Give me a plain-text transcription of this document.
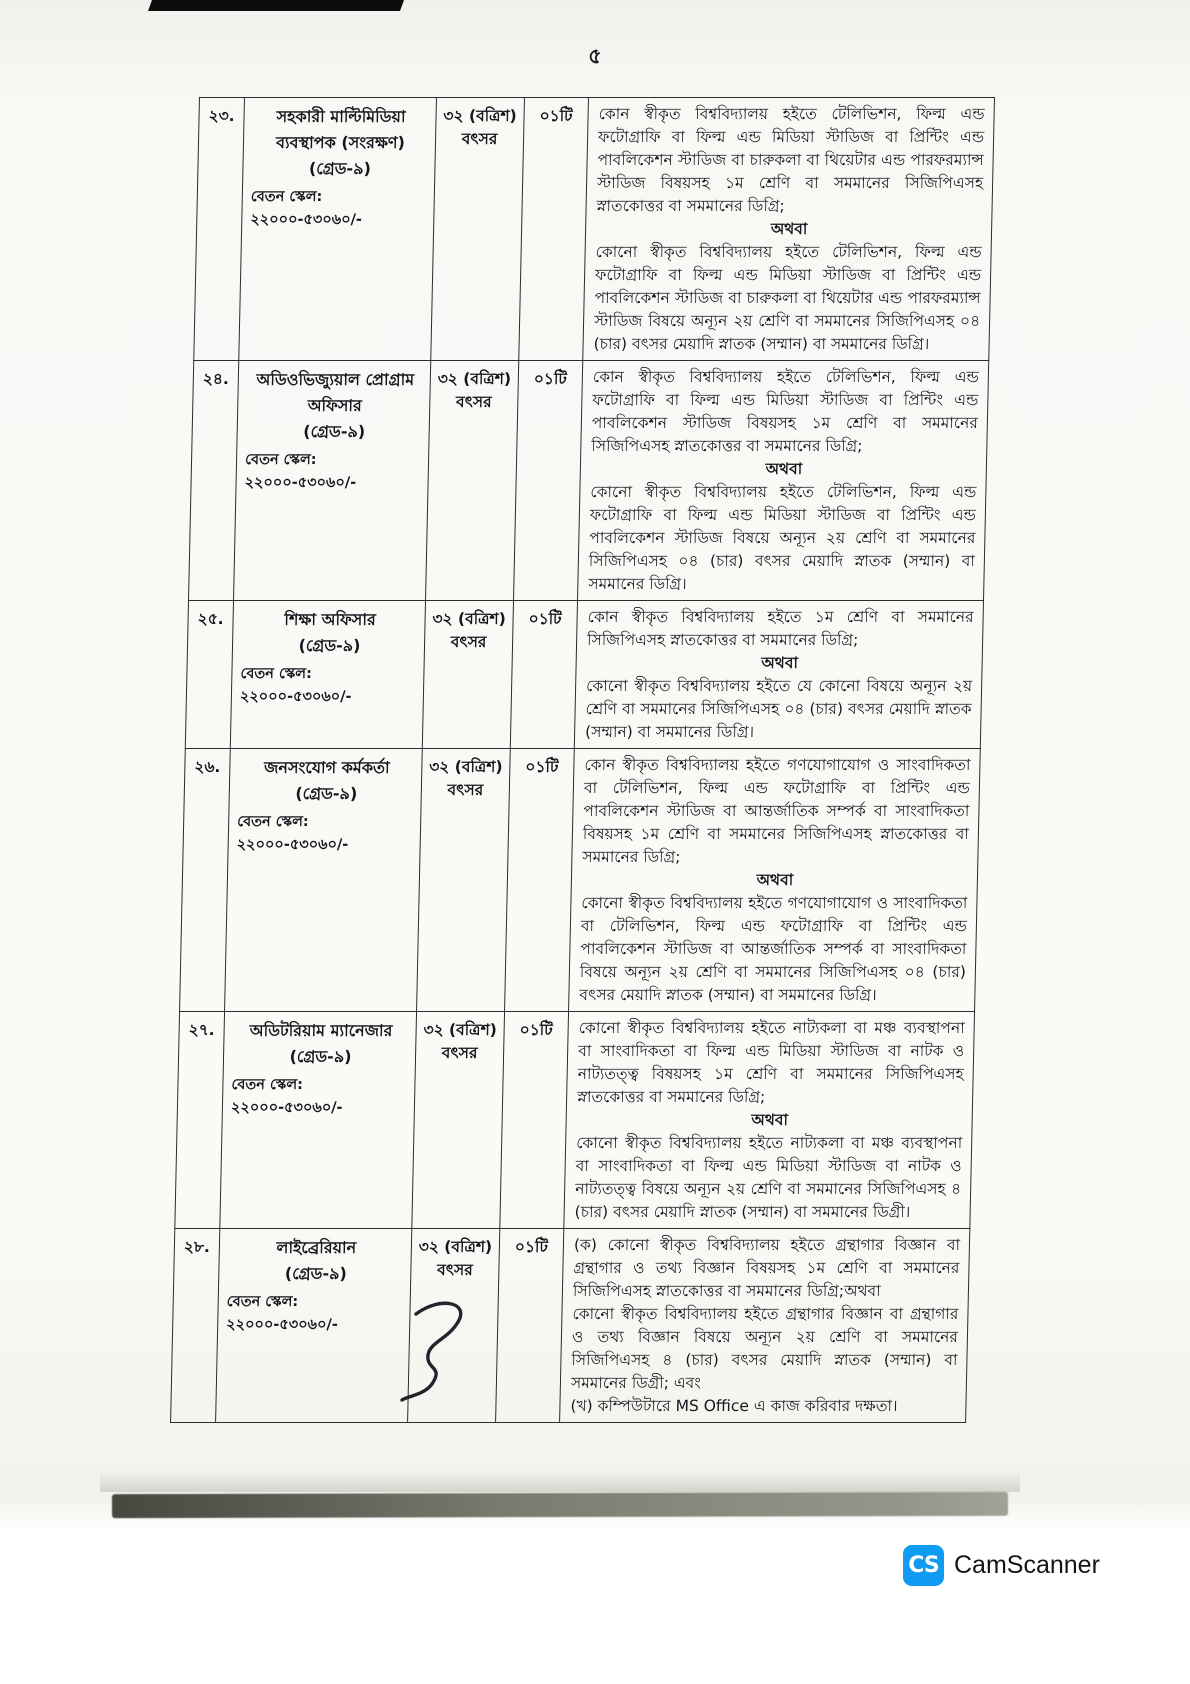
৫
২৩.	সহকারী মাল্টিমিডিয়া
ব্যবস্থাপক (সংরক্ষণ)
(গ্রেড-৯)
বেতন স্কেল: ২২০০০-৫৩০৬০/-
	৩২ (বত্রিশ)
বৎসর	০১টি	কোন স্বীকৃত বিশ্ববিদ্যালয় হইতে টেলিভিশন, ফিল্ম এন্ড ফটোগ্রাফি বা ফিল্ম এন্ড মিডিয়া স্টাডিজ বা প্রিন্টিং এন্ড পাবলিকেশন স্টাডিজ বা চারুকলা বা থিয়েটার এন্ড পারফরম্যান্স স্টাডিজ বিষয়সহ ১ম শ্রেণি বা সমমানের সিজিপিএসহ স্নাতকোত্তর বা সমমানের ডিগ্রি;
অথবা
কোনো স্বীকৃত বিশ্ববিদ্যালয় হইতে টেলিভিশন, ফিল্ম এন্ড ফটোগ্রাফি বা ফিল্ম এন্ড মিডিয়া স্টাডিজ বা প্রিন্টিং এন্ড পাবলিকেশন স্টাডিজ বা চারুকলা বা থিয়েটার এন্ড পারফরম্যান্স স্টাডিজ বিষয়ে অন্যূন ২য় শ্রেণি বা সমমানের সিজিপিএসহ ০৪ (চার) বৎসর মেয়াদি স্নাতক (সম্মান) বা সমমানের ডিগ্রি।

২৪.	অডিওভিজ্যুয়াল প্রোগ্রাম
অফিসার
(গ্রেড-৯)
বেতন স্কেল: ২২০০০-৫৩০৬০/-
	৩২ (বত্রিশ)
বৎসর	০১টি	কোন স্বীকৃত বিশ্ববিদ্যালয় হইতে টেলিভিশন, ফিল্ম এন্ড ফটোগ্রাফি বা ফিল্ম এন্ড মিডিয়া স্টাডিজ বা প্রিন্টিং এন্ড পাবলিকেশন স্টাডিজ বিষয়সহ ১ম শ্রেণি বা সমমানের সিজিপিএসহ স্নাতকোত্তর বা সমমানের ডিগ্রি;
অথবা
কোনো স্বীকৃত বিশ্ববিদ্যালয় হইতে টেলিভিশন, ফিল্ম এন্ড ফটোগ্রাফি বা ফিল্ম এন্ড মিডিয়া স্টাডিজ বা প্রিন্টিং এন্ড পাবলিকেশন স্টাডিজ বিষয়ে অন্যূন ২য় শ্রেণি বা সমমানের সিজিপিএসহ ০৪ (চার) বৎসর মেয়াদি স্নাতক (সম্মান) বা সমমানের ডিগ্রি।

২৫.	শিক্ষা অফিসার
(গ্রেড-৯)
বেতন স্কেল: ২২০০০-৫৩০৬০/-
	৩২ (বত্রিশ)
বৎসর	০১টি	কোন স্বীকৃত বিশ্ববিদ্যালয় হইতে ১ম শ্রেণি বা সমমানের সিজিপিএসহ স্নাতকোত্তর বা সমমানের ডিগ্রি;
অথবা
কোনো স্বীকৃত বিশ্ববিদ্যালয় হইতে যে কোনো বিষয়ে অন্যূন ২য় শ্রেণি বা সমমানের সিজিপিএসহ ০৪ (চার) বৎসর মেয়াদি স্নাতক (সম্মান) বা সমমানের ডিগ্রি।

২৬.	জনসংযোগ কর্মকর্তা
(গ্রেড-৯)
বেতন স্কেল: ২২০০০-৫৩০৬০/-
	৩২ (বত্রিশ)
বৎসর	০১টি	কোন স্বীকৃত বিশ্ববিদ্যালয় হইতে গণযোগাযোগ ও সাংবাদিকতা বা টেলিভিশন, ফিল্ম এন্ড ফটোগ্রাফি বা প্রিন্টিং এন্ড পাবলিকেশন স্টাডিজ বা আন্তর্জাতিক সম্পর্ক বা সাংবাদিকতা বিষয়সহ ১ম শ্রেণি বা সমমানের সিজিপিএসহ স্নাতকোত্তর বা সমমানের ডিগ্রি;
অথবা
কোনো স্বীকৃত বিশ্ববিদ্যালয় হইতে গণযোগাযোগ ও সাংবাদিকতা বা টেলিভিশন, ফিল্ম এন্ড ফটোগ্রাফি বা প্রিন্টিং এন্ড পাবলিকেশন স্টাডিজ বা আন্তর্জাতিক সম্পর্ক বা সাংবাদিকতা বিষয়ে অন্যূন ২য় শ্রেণি বা সমমানের সিজিপিএসহ ০৪ (চার) বৎসর মেয়াদি স্নাতক (সম্মান) বা সমমানের ডিগ্রি।

২৭.	অডিটরিয়াম ম্যানেজার
(গ্রেড-৯)
বেতন স্কেল: ২২০০০-৫৩০৬০/-
	৩২ (বত্রিশ)
বৎসর	০১টি	কোনো স্বীকৃত বিশ্ববিদ্যালয় হইতে নাট্যকলা বা মঞ্চ ব্যবস্থাপনা বা সাংবাদিকতা বা ফিল্ম এন্ড মিডিয়া স্টাডিজ বা নাটক ও নাট্যতত্ত্ব বিষয়সহ ১ম শ্রেণি বা সমমানের সিজিপিএসহ স্নাতকোত্তর বা সমমানের ডিগ্রি;
অথবা
কোনো স্বীকৃত বিশ্ববিদ্যালয় হইতে নাট্যকলা বা মঞ্চ ব্যবস্থাপনা বা সাংবাদিকতা বা ফিল্ম এন্ড মিডিয়া স্টাডিজ বা নাটক ও নাট্যতত্ত্ব বিষয়ে অন্যূন ২য় শ্রেণি বা সমমানের সিজিপিএসহ ৪ (চার) বৎসর মেয়াদি স্নাতক (সম্মান) বা সমমানের ডিগ্রী।

২৮.	লাইব্রেরিয়ান
(গ্রেড-৯)
বেতন স্কেল: ২২০০০-৫৩০৬০/-
	৩২ (বত্রিশ)
বৎসর	০১টি	(ক) কোনো স্বীকৃত বিশ্ববিদ্যালয় হইতে গ্রন্থাগার বিজ্ঞান বা গ্রন্থাগার ও তথ্য বিজ্ঞান বিষয়সহ ১ম শ্রেণি বা সমমানের সিজিপিএসহ স্নাতকোত্তর বা সমমানের ডিগ্রি;অথবা
কোনো স্বীকৃত বিশ্ববিদ্যালয় হইতে গ্রন্থাগার বিজ্ঞান বা গ্রন্থাগার ও তথ্য বিজ্ঞান বিষয়ে অন্যূন ২য় শ্রেণি বা সমমানের সিজিপিএসহ ৪ (চার) বৎসর মেয়াদি স্নাতক (সম্মান) বা সমমানের ডিগ্রী; এবং
(খ) কম্পিউটারে MS Office এ কাজ করিবার দক্ষতা।
CS CamScanner
